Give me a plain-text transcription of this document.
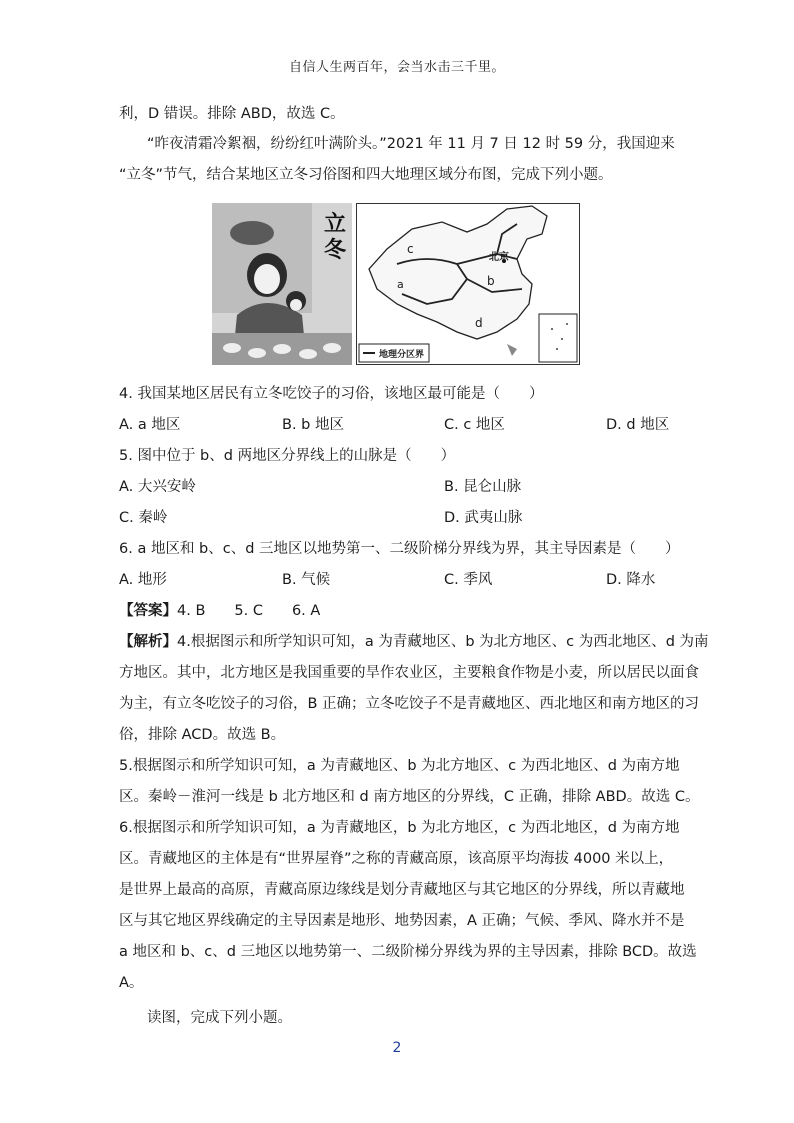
自信人生两百年，会当水击三千里。
利，D 错误。排除 ABD，故选 C。
“昨夜清霜冷絮裀，纷纷红叶满阶头。”2021 年 11 月 7 日 12 时 59 分，我国迎来
“立冬”节气，结合某地区立冬习俗图和四大地理区域分布图，完成下列小题。
立冬
a	b
c
d
北京
地理分区界
4. 我国某地区居民有立冬吃饺子的习俗，该地区最可能是（　　）
A. a 地区	B. b 地区	C. c 地区	D. d 地区
5. 图中位于 b、d 两地区分界线上的山脉是（　　）
A. 大兴安岭	B. 昆仑山脉
C. 秦岭	D. 武夷山脉
6. a 地区和 b、c、d 三地区以地势第一、二级阶梯分界线为界，其主导因素是（　　）
A. 地形	B. 气候	C. 季风	D. 降水
【答案】4. B　　5. C　　6. A
【解析】4.根据图示和所学知识可知，a 为青藏地区、b 为北方地区、c 为西北地区、d 为南
方地区。其中，北方地区是我国重要的旱作农业区，主要粮食作物是小麦，所以居民以面食
为主，有立冬吃饺子的习俗，B 正确；立冬吃饺子不是青藏地区、西北地区和南方地区的习
俗，排除 ACD。故选 B。
5.根据图示和所学知识可知，a 为青藏地区、b 为北方地区、c 为西北地区、d 为南方地
区。秦岭－淮河一线是 b 北方地区和 d 南方地区的分界线，C 正确，排除 ABD。故选 C。
6.根据图示和所学知识可知，a 为青藏地区，b 为北方地区，c 为西北地区，d 为南方地
区。青藏地区的主体是有“世界屋脊”之称的青藏高原，该高原平均海拔 4000 米以上，
是世界上最高的高原，青藏高原边缘线是划分青藏地区与其它地区的分界线，所以青藏地
区与其它地区界线确定的主导因素是地形、地势因素，A 正确；气候、季风、降水并不是
a 地区和 b、c、d 三地区以地势第一、二级阶梯分界线为界的主导因素，排除 BCD。故选
A。
读图，完成下列小题。
2
